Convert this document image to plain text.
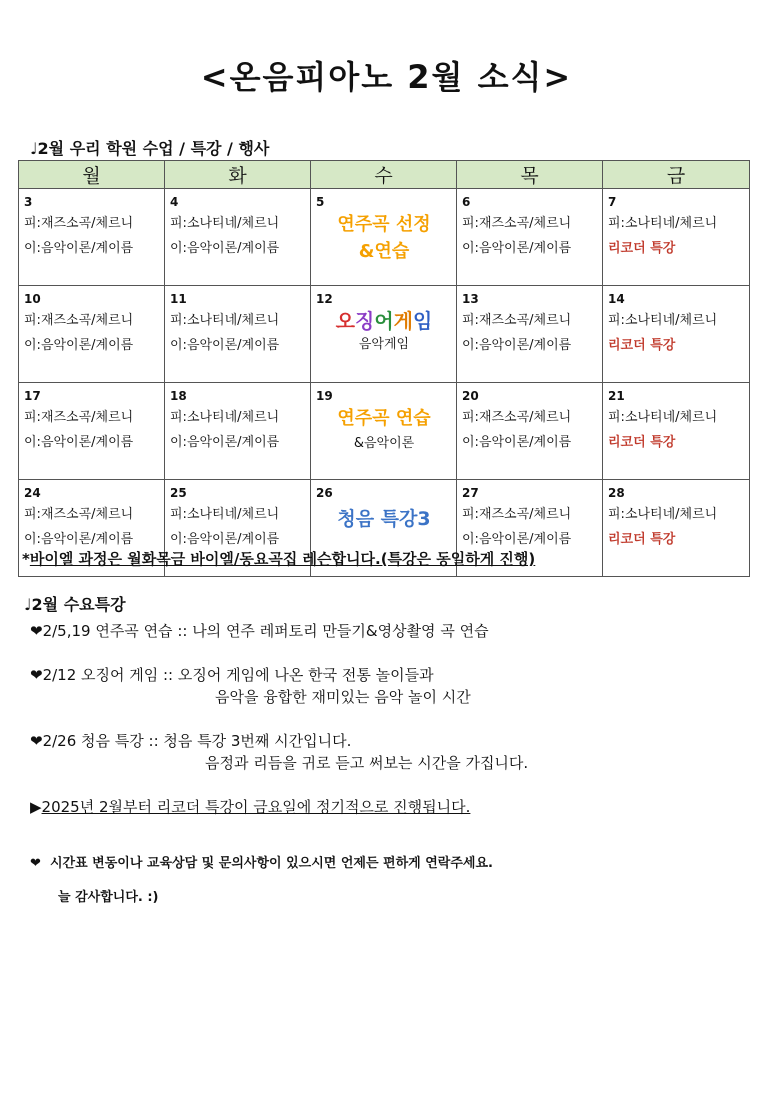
<온음피아노 2월 소식>
♩2월 우리 학원 수업 / 특강 / 행사
월	화	수	목	금

3
피:재즈소곡/체르니
이:음악이론/계이름	4
피:소나티네/체르니
이:음악이론/계이름	5
연주곡 선정
&연습	6
피:재즈소곡/체르니
이:음악이론/계이름	7
피:소나티네/체르니
리코더 특강

10
피:재즈소곡/체르니
이:음악이론/계이름	11
피:소나티네/체르니
이:음악이론/계이름	12
오징어게임
음악게임	13
피:재즈소곡/체르니
이:음악이론/계이름	14
피:소나티네/체르니
리코더 특강

17
피:재즈소곡/체르니
이:음악이론/계이름	18
피:소나티네/체르니
이:음악이론/계이름	19
연주곡 연습
&음악이론	20
피:재즈소곡/체르니
이:음악이론/계이름	21
피:소나티네/체르니
리코더 특강

24
피:재즈소곡/체르니
이:음악이론/계이름	25
피:소나티네/체르니
이:음악이론/계이름	26
청음 특강3	27
피:재즈소곡/체르니
이:음악이론/계이름	28
피:소나티네/체르니
리코더 특강
*바이엘 과정은 월화목금 바이엘/동요곡집 레슨합니다.(특강은 동일하게 진행)
♩2월 수요특강
❤2/5,19 연주곡 연습 :: 나의 연주 레퍼토리 만들기&영상촬영 곡 연습
❤2/12 오징어 게임 :: 오징어 게임에 나온 한국 전통 놀이들과
음악을 융합한 재미있는 음악 놀이 시간
❤2/26 청음 특강 :: 청음 특강 3번째 시간입니다.
음정과 리듬을 귀로 듣고 써보는 시간을 가집니다.
▶2025년 2월부터 리코더 특강이 금요일에 정기적으로 진행됩니다.
❤ 시간표 변동이나 교육상담 및 문의사항이 있으시면 언제든 편하게 연락주세요.
늘 감사합니다. :)
